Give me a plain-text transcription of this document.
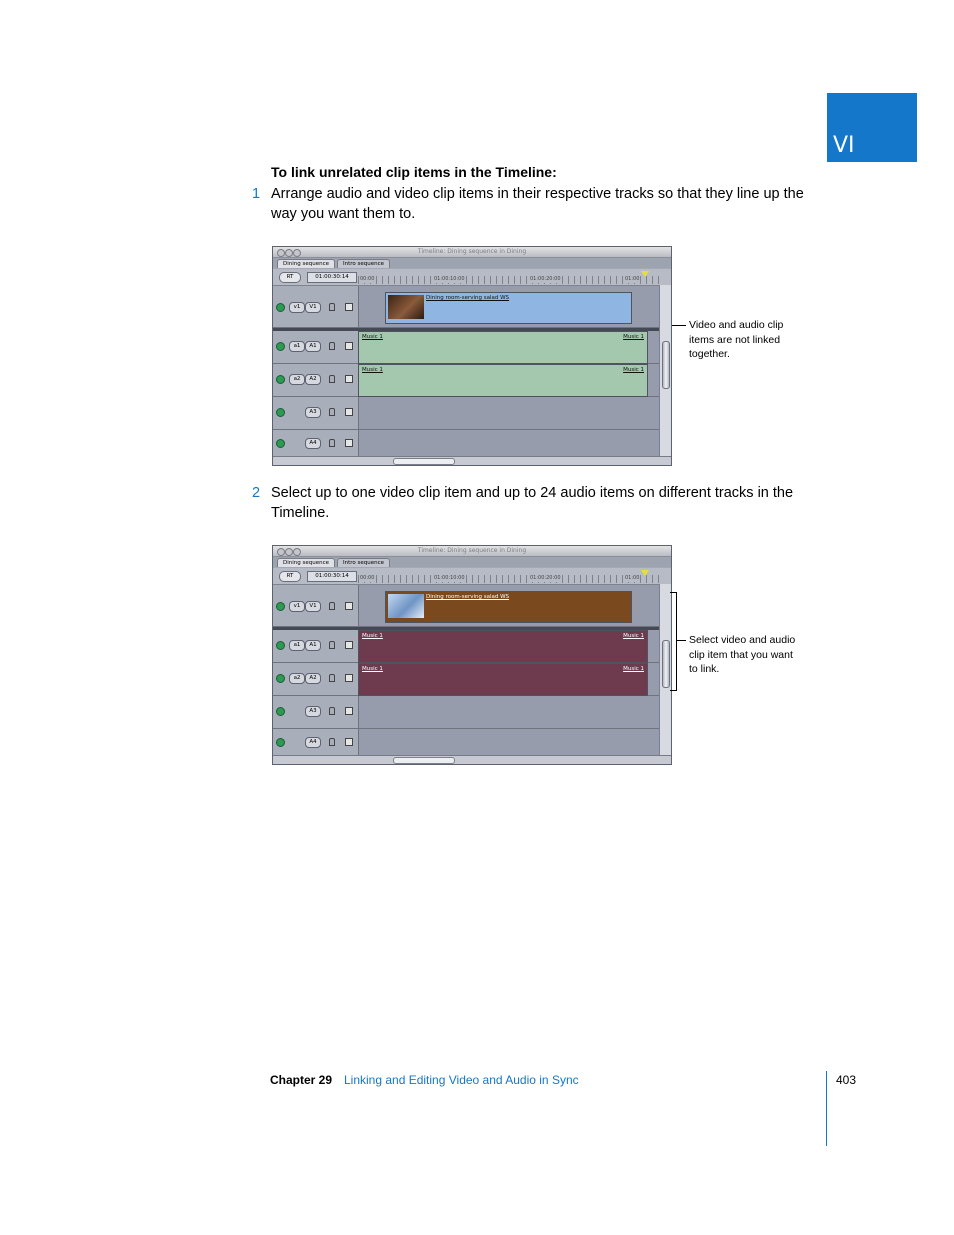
VI
To link unrelated clip items in the Timeline:
1 Arrange audio and video clip items in their respective tracks so that they line up the way you want them to.
2 Select up to one video clip item and up to 24 audio items on different tracks in the Timeline.
Timeline: Dining sequence in Dining
Dining sequence	Intro sequence
RT	01:00:30:14	00:00	01:00:10:00	01:00:20:00	01:00
v1	V1
Dining room-serving salad WS
a1	A1
Music 1	Music 1
a2	A2
Music 1	Music 1
A3
A4
Video and audio clip items are not linked together.
Timeline: Dining sequence in Dining
Dining sequence	Intro sequence
RT	01:00:30:14	00:00	01:00:10:00	01:00:20:00	01:00
v1	V1
Dining room-serving salad WS
a1	A1
Music 1	Music 1
a2	A2
Music 1	Music 1
A3
A4
Select video and audio clip item that you want to link.
Chapter 29 Linking and Editing Video and Audio in Sync	403
